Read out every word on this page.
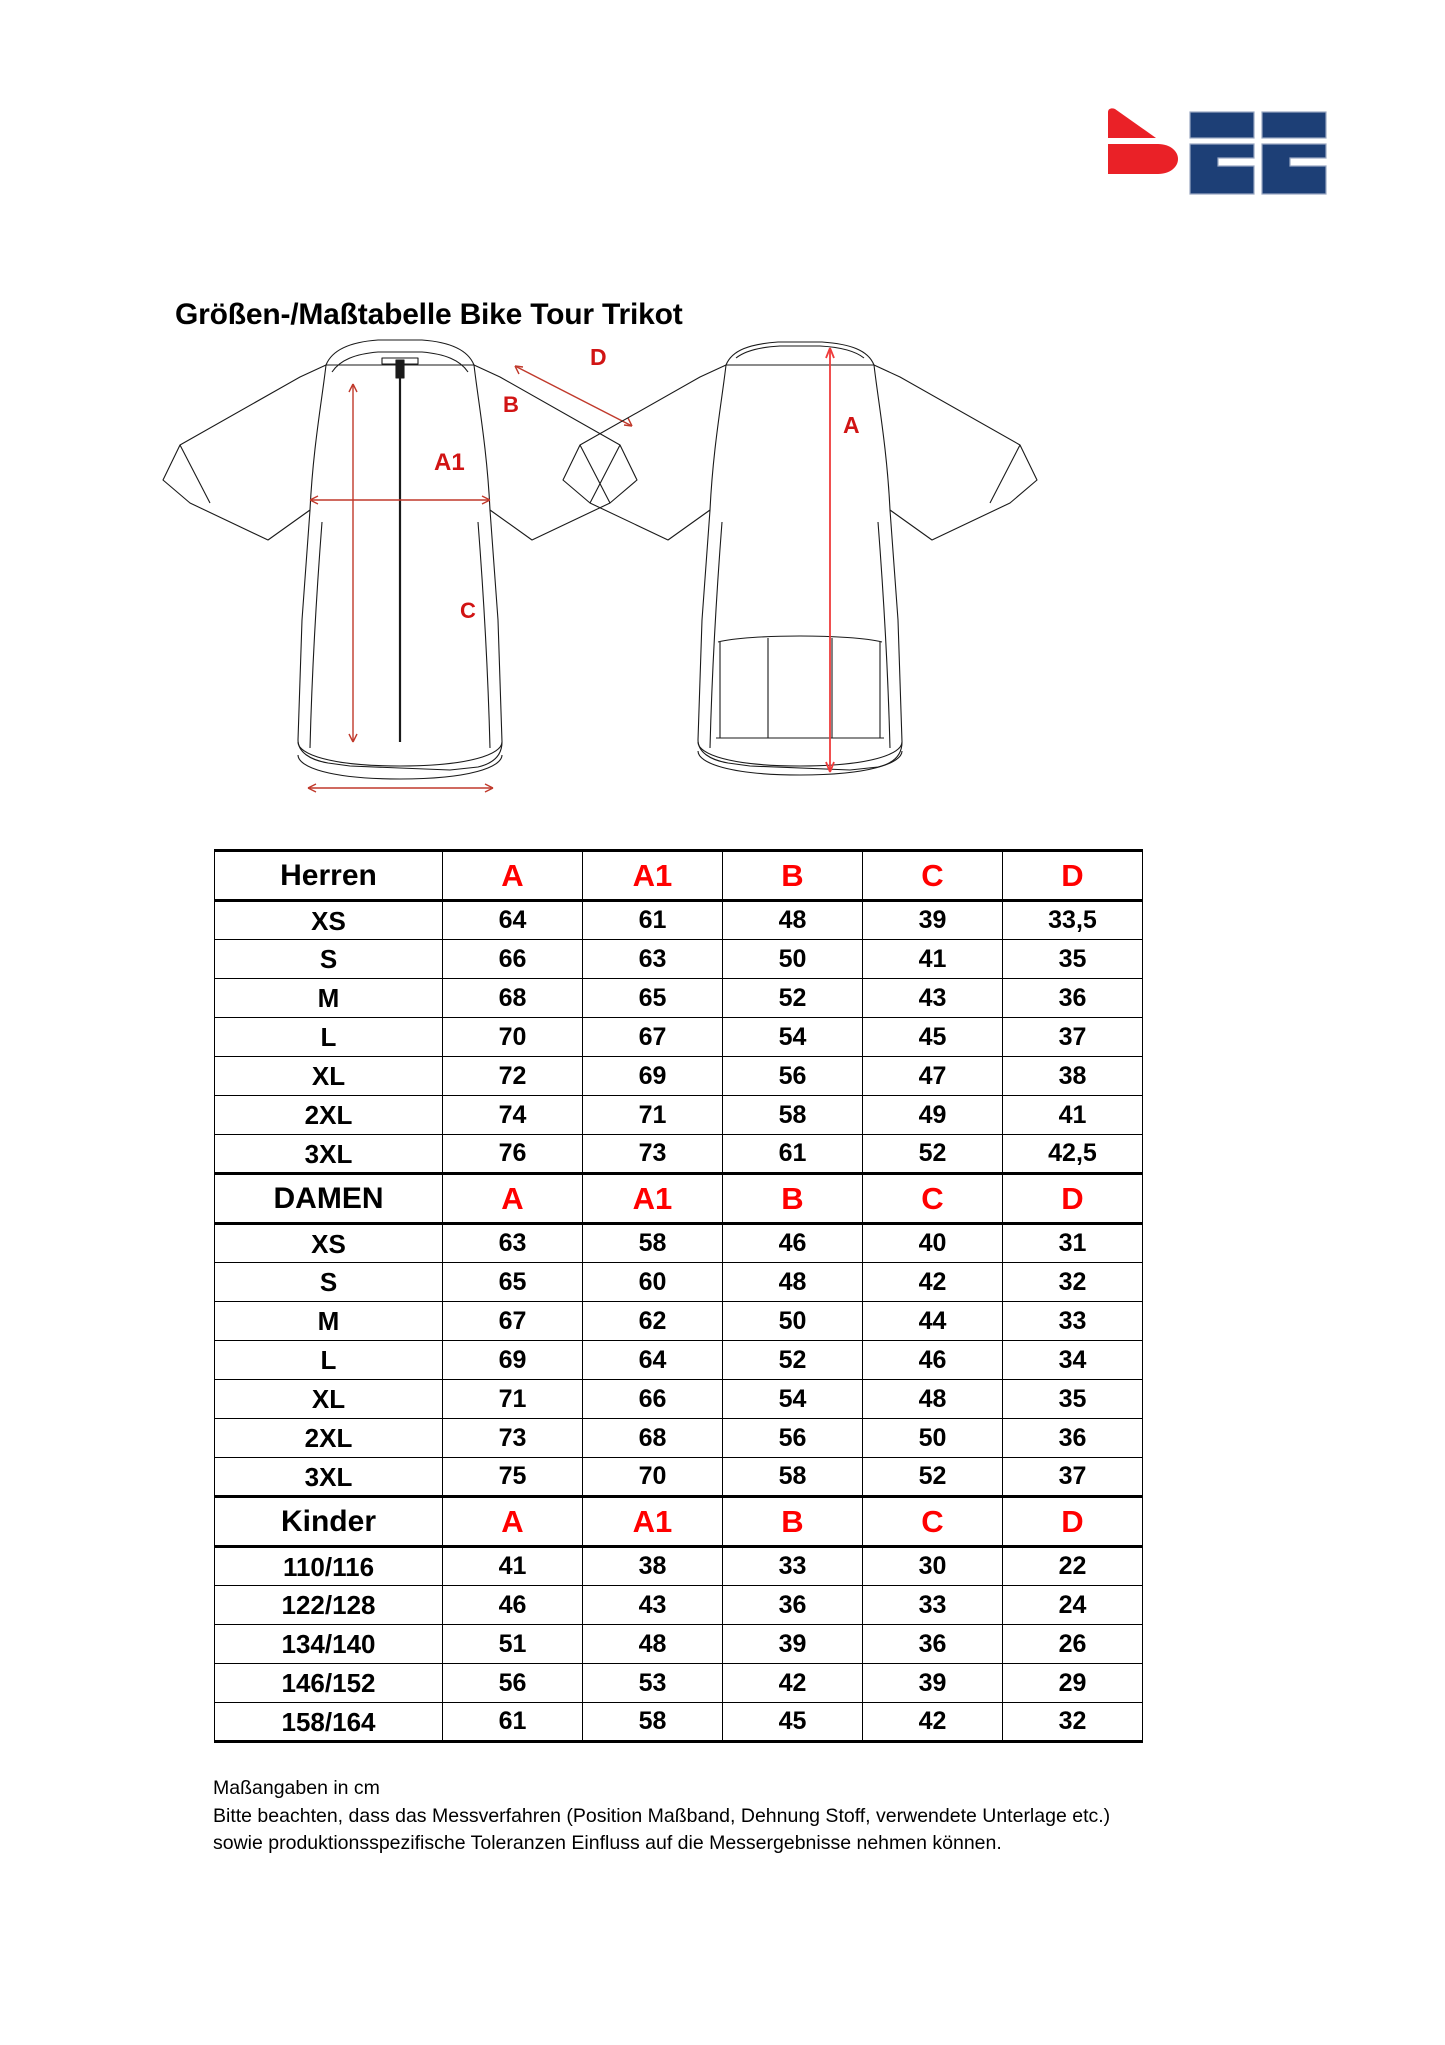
Größen-/Maßtabelle Bike Tour Trikot
D
B
A1
C
A
Herren	A	A1	B	C	D
XS	64	61	48	39	33,5
S	66	63	50	41	35
M	68	65	52	43	36
L	70	67	54	45	37
XL	72	69	56	47	38
2XL	74	71	58	49	41
3XL	76	73	61	52	42,5
DAMEN	A	A1	B	C	D
XS	63	58	46	40	31
S	65	60	48	42	32
M	67	62	50	44	33
L	69	64	52	46	34
XL	71	66	54	48	35
2XL	73	68	56	50	36
3XL	75	70	58	52	37
Kinder	A	A1	B	C	D
110/116	41	38	33	30	22
122/128	46	43	36	33	24
134/140	51	48	39	36	26
146/152	56	53	42	39	29
158/164	61	58	45	42	32
Maßangaben in cm
Bitte beachten, dass das Messverfahren (Position Maßband, Dehnung Stoff, verwendete Unterlage etc.)
sowie produktionsspezifische Toleranzen Einfluss auf die Messergebnisse nehmen können.
